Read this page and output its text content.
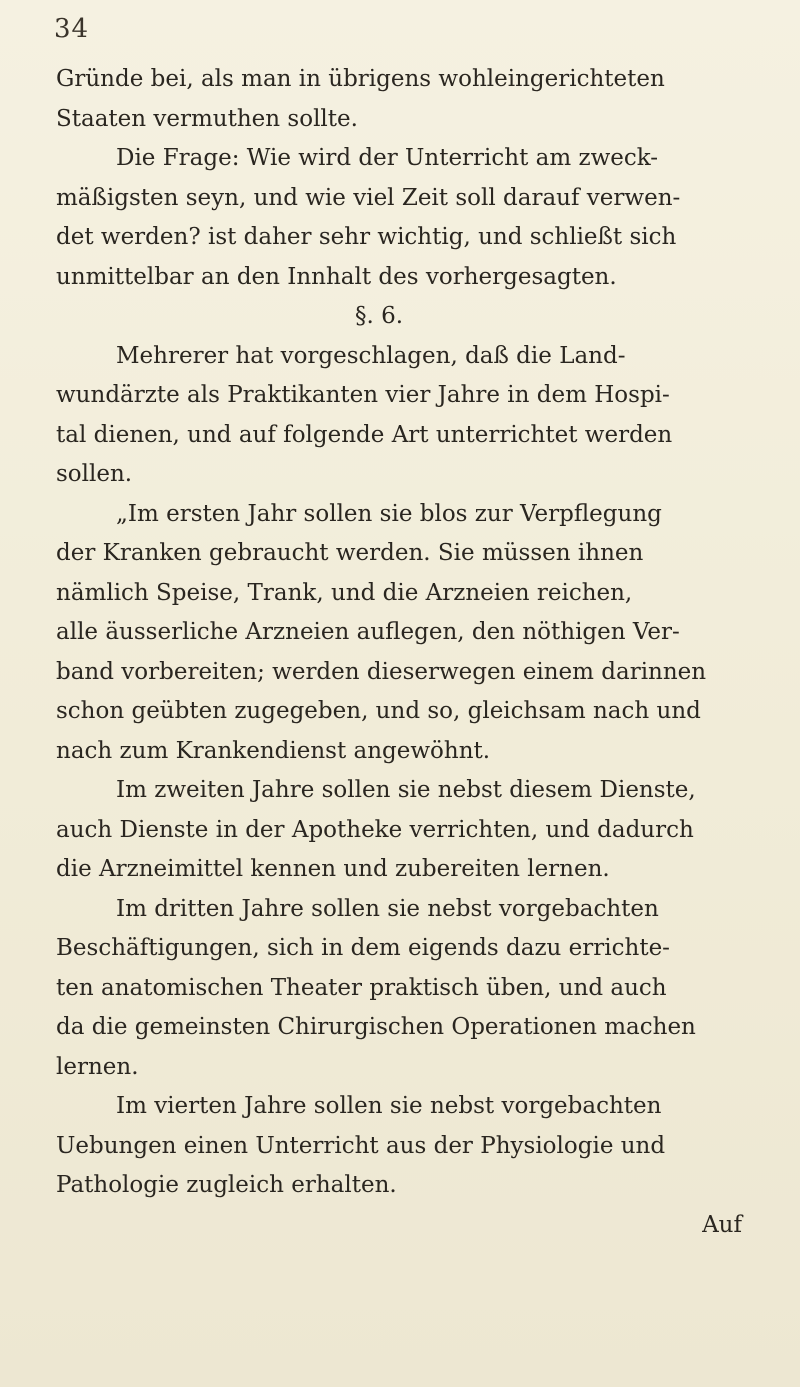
34
Gründe bei, als man in übrigens wohleingerichteten
Staaten vermuthen sollte.
Die Frage: Wie wird der Unterricht am zweck-
mäßigsten seyn, und wie viel Zeit soll darauf verwen-
det werden? ist daher sehr wichtig, und schließt sich
unmittelbar an den Innhalt des vorhergesagten.
§. 6.
Mehrerer hat vorgeschlagen, daß die Land-
wundärzte als Praktikanten vier Jahre in dem Hospi-
tal dienen, und auf folgende Art unterrichtet werden
sollen.
„Im ersten Jahr sollen sie blos zur Verpflegung
der Kranken gebraucht werden. Sie müssen ihnen
nämlich Speise, Trank, und die Arzneien reichen,
alle äusserliche Arzneien auflegen, den nöthigen Ver-
band vorbereiten; werden dieserwegen einem darinnen
schon geübten zugegeben, und so, gleichsam nach und
nach zum Krankendienst angewöhnt.
Im zweiten Jahre sollen sie nebst diesem Dienste,
auch Dienste in der Apotheke verrichten, und dadurch
die Arzneimittel kennen und zubereiten lernen.
Im dritten Jahre sollen sie nebst vorgebachten
Beschäftigungen, sich in dem eigends dazu errichte-
ten anatomischen Theater praktisch üben, und auch
da die gemeinsten Chirurgischen Operationen machen
lernen.
Im vierten Jahre sollen sie nebst vorgebachten
Uebungen einen Unterricht aus der Physiologie und
Pathologie zugleich erhalten.
Auf
